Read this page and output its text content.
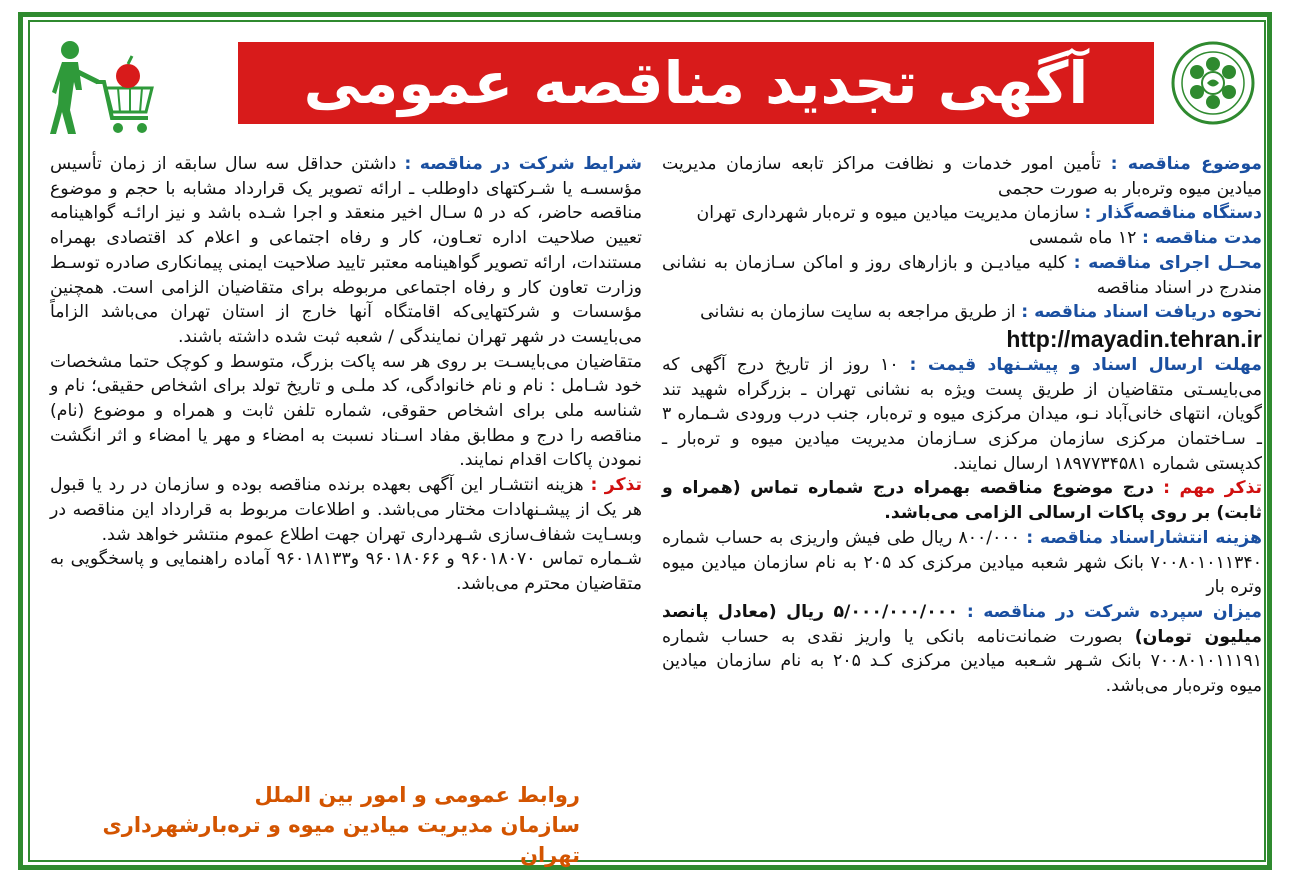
آگهی تجدید مناقصه عمومی

موضوع مناقصه : تأمین امور خدمات و نظافت مراکز تابعه سازمان مدیریت میادین میوه وتره‌بار به صورت حجمی

دستگاه مناقصه‌گذار : سازمان مدیریت میادین میوه و تره‌بار شهرداری تهران

مدت مناقصه : ۱۲ ماه شمسی

محـل اجرای مناقصه : کلیه میادیـن و بازارهای روز و اماکن سـازمان به نشانی مندرج در اسناد مناقصه

نحوه دریافت اسناد مناقصه : از طریق مراجعه به سایت سازمان به نشانی
http://mayadin.tehran.ir

مهلت ارسال اسناد و پیشـنهاد قیمت : ۱۰ روز از تاریخ درج آگهی که می‌بایسـتی متقاضیان از طریق پست ویژه به نشانی تهران ـ بزرگراه شهید تند گویان، انتهای خانی‌آباد نـو، میدان مرکزی میوه و تره‌بار، جنب درب ورودی شـماره ۳ ـ سـاختمان مرکزی سازمان مرکزی سـازمان مدیریت میادین میوه و تره‌بار ـ کدپستی شماره ۱۸۹۷۷۳۴۵۸۱ ارسال نمایند.

تذکر مهم : درج موضوع مناقصه بهمراه درج شماره تماس (همراه و ثابت) بر روی پاکات ارسالی الزامی می‌باشد.

هزینه انتشاراسناد مناقصه : ۸۰۰/۰۰۰ ریال طی فیش واریزی به حساب شماره ۷۰۰۸۰۱۰۱۱۳۴۰ بانک شهر شعبه میادین مرکزی کد ۲۰۵ به نام سازمان میادین میوه وتره بار

میزان سپرده شرکت در مناقصه : ۵/۰۰۰/۰۰۰/۰۰۰ ریال (معادل پانصد میلیون تومان) بصورت ضمانت‌نامه بانکی یا واریز نقدی به حساب شماره ۷۰۰۸۰۱۰۱۱۱۹۱ بانک شـهر شـعبه میادین مرکزی کـد ۲۰۵ به نام سازمان میادین میوه وتره‌بار می‌باشد.

شرایط شرکت در مناقصه : داشتن حداقل سه سال سابقه از زمان تأسیس مؤسسـه یا شـرکتهای داوطلب ـ ارائه تصویر یک قرارداد مشابه با حجم و موضوع مناقصه حاضر، که در ۵ سـال اخیر منعقد و اجرا شـده باشد و نیز ارائـه گواهینامه تعیین صلاحیت اداره تعـاون، کار و رفاه اجتماعی و اعلام کد اقتصادی بهمراه مستندات، ارائه تصویر گواهینامه معتبر تایید صلاحیت ایمنی پیمانکاری صادره توسـط وزارت تعاون کار و رفاه اجتماعی مربوطه برای متقاضیان الزامی است. همچنین مؤسسات و شرکتهایی‌که اقامتگاه آنها خارج از استان تهران می‌باشد الزاماً می‌بایست در شهر تهران نمایندگی / شعبه ثبت شده داشته باشند.

متقاضیان می‌بایسـت بر روی هر سه پاکت بزرگ، متوسط و کوچک حتما مشخصات خود شـامل : نام و نام خانوادگی، کد ملـی و تاریخ تولد برای اشخاص حقیقی؛ نام و شناسه ملی برای اشخاص حقوقی، شماره تلفن ثابت و همراه و موضوع (نام) مناقصه را درج و مطابق مفاد اسـناد نسبت به امضاء و مهر یا امضاء و اثر انگشت نمودن پاکات اقدام نمایند.

تذکر : هزینه انتشـار این آگهی بعهده برنده مناقصه بوده و سازمان در رد یا قبول هر یک از پیشـنهادات مختار می‌باشد. و اطلاعات مربوط به قرارداد این مناقصه در وبسـایت شفاف‌سازی شـهرداری تهران جهت اطلاع عموم منتشر خواهد شد.

شـماره تماس ۹۶۰۱۸۰۷۰ و ۹۶۰۱۸۰۶۶ و۹۶۰۱۸۱۳۳ آماده راهنمایی و پاسخگویی به متقاضیان محترم می‌باشد.

روابط عمومی و امور بین الملل
سازمان مدیریت میادین میوه و تره‌بارشهرداری تهران
